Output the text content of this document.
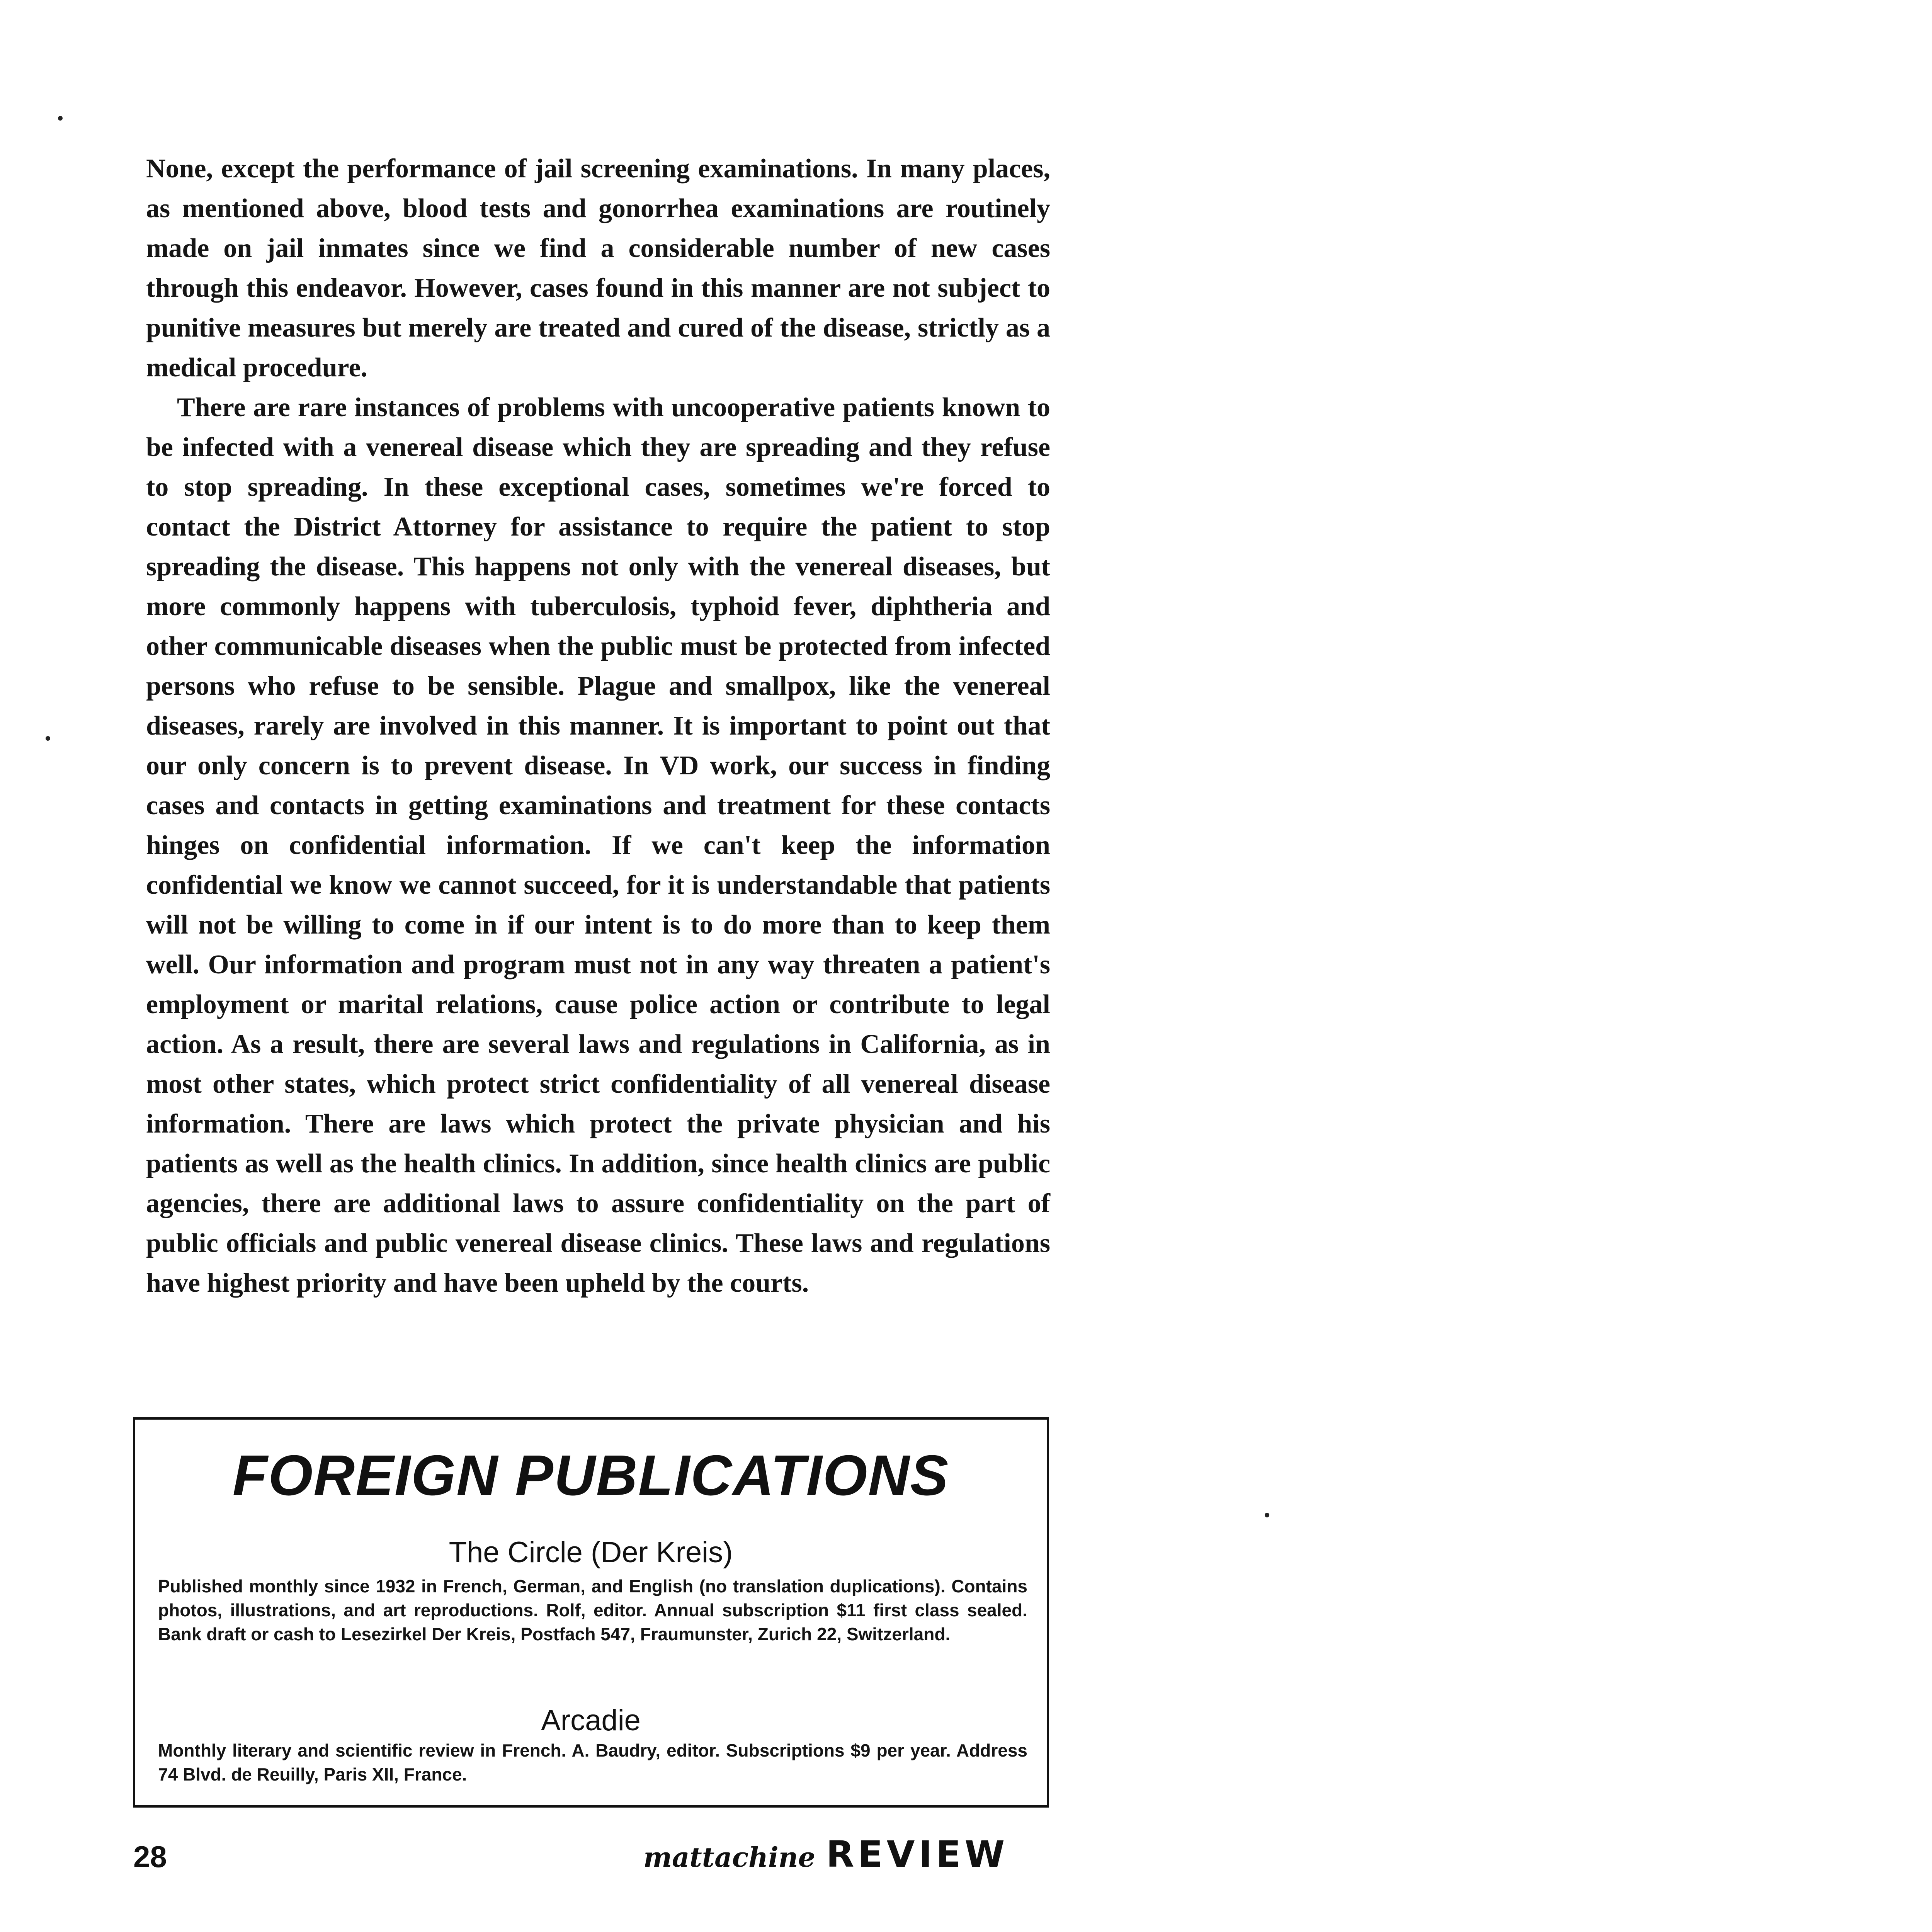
None, except the performance of jail screening examinations. In many places, as mentioned above, blood tests and gonorrhea examinations are routinely made on jail inmates since we find a considerable number of new cases through this endeavor. However, cases found in this manner are not subject to punitive measures but merely are treated and cured of the disease, strictly as a medical procedure.

There are rare instances of problems with uncooperative patients known to be infected with a venereal disease which they are spreading and they refuse to stop spreading. In these exceptional cases, sometimes we're forced to contact the District Attorney for assistance to require the patient to stop spreading the disease. This happens not only with the venereal diseases, but more commonly happens with tuberculosis, typhoid fever, diphtheria and other communicable diseases when the public must be protected from infected persons who refuse to be sensible. Plague and smallpox, like the venereal diseases, rarely are involved in this manner. It is important to point out that our only concern is to prevent disease. In VD work, our success in finding cases and contacts in getting examinations and treatment for these contacts hinges on confidential information. If we can't keep the information confidential we know we cannot succeed, for it is understandable that patients will not be willing to come in if our intent is to do more than to keep them well. Our information and program must not in any way threaten a patient's employment or marital relations, cause police action or contribute to legal action. As a result, there are several laws and regulations in California, as in most other states, which protect strict confidentiality of all venereal disease information. There are laws which protect the private physician and his patients as well as the health clinics. In addition, since health clinics are public agencies, there are additional laws to assure confidentiality on the part of public officials and public venereal disease clinics. These laws and regulations have highest priority and have been upheld by the courts.

FOREIGN PUBLICATIONS
The Circle (Der Kreis)
Published monthly since 1932 in French, German, and English (no translation duplications). Contains photos, illustrations, and art reproductions. Rolf, editor. Annual subscription $11 first class sealed. Bank draft or cash to Lesezirkel Der Kreis, Postfach 547, Fraumunster, Zurich 22, Switzerland.
Arcadie
Monthly literary and scientific review in French. A. Baudry, editor. Subscriptions $9 per year. Address 74 Blvd. de Reuilly, Paris XII, France.
28	mattachine REVIEW
